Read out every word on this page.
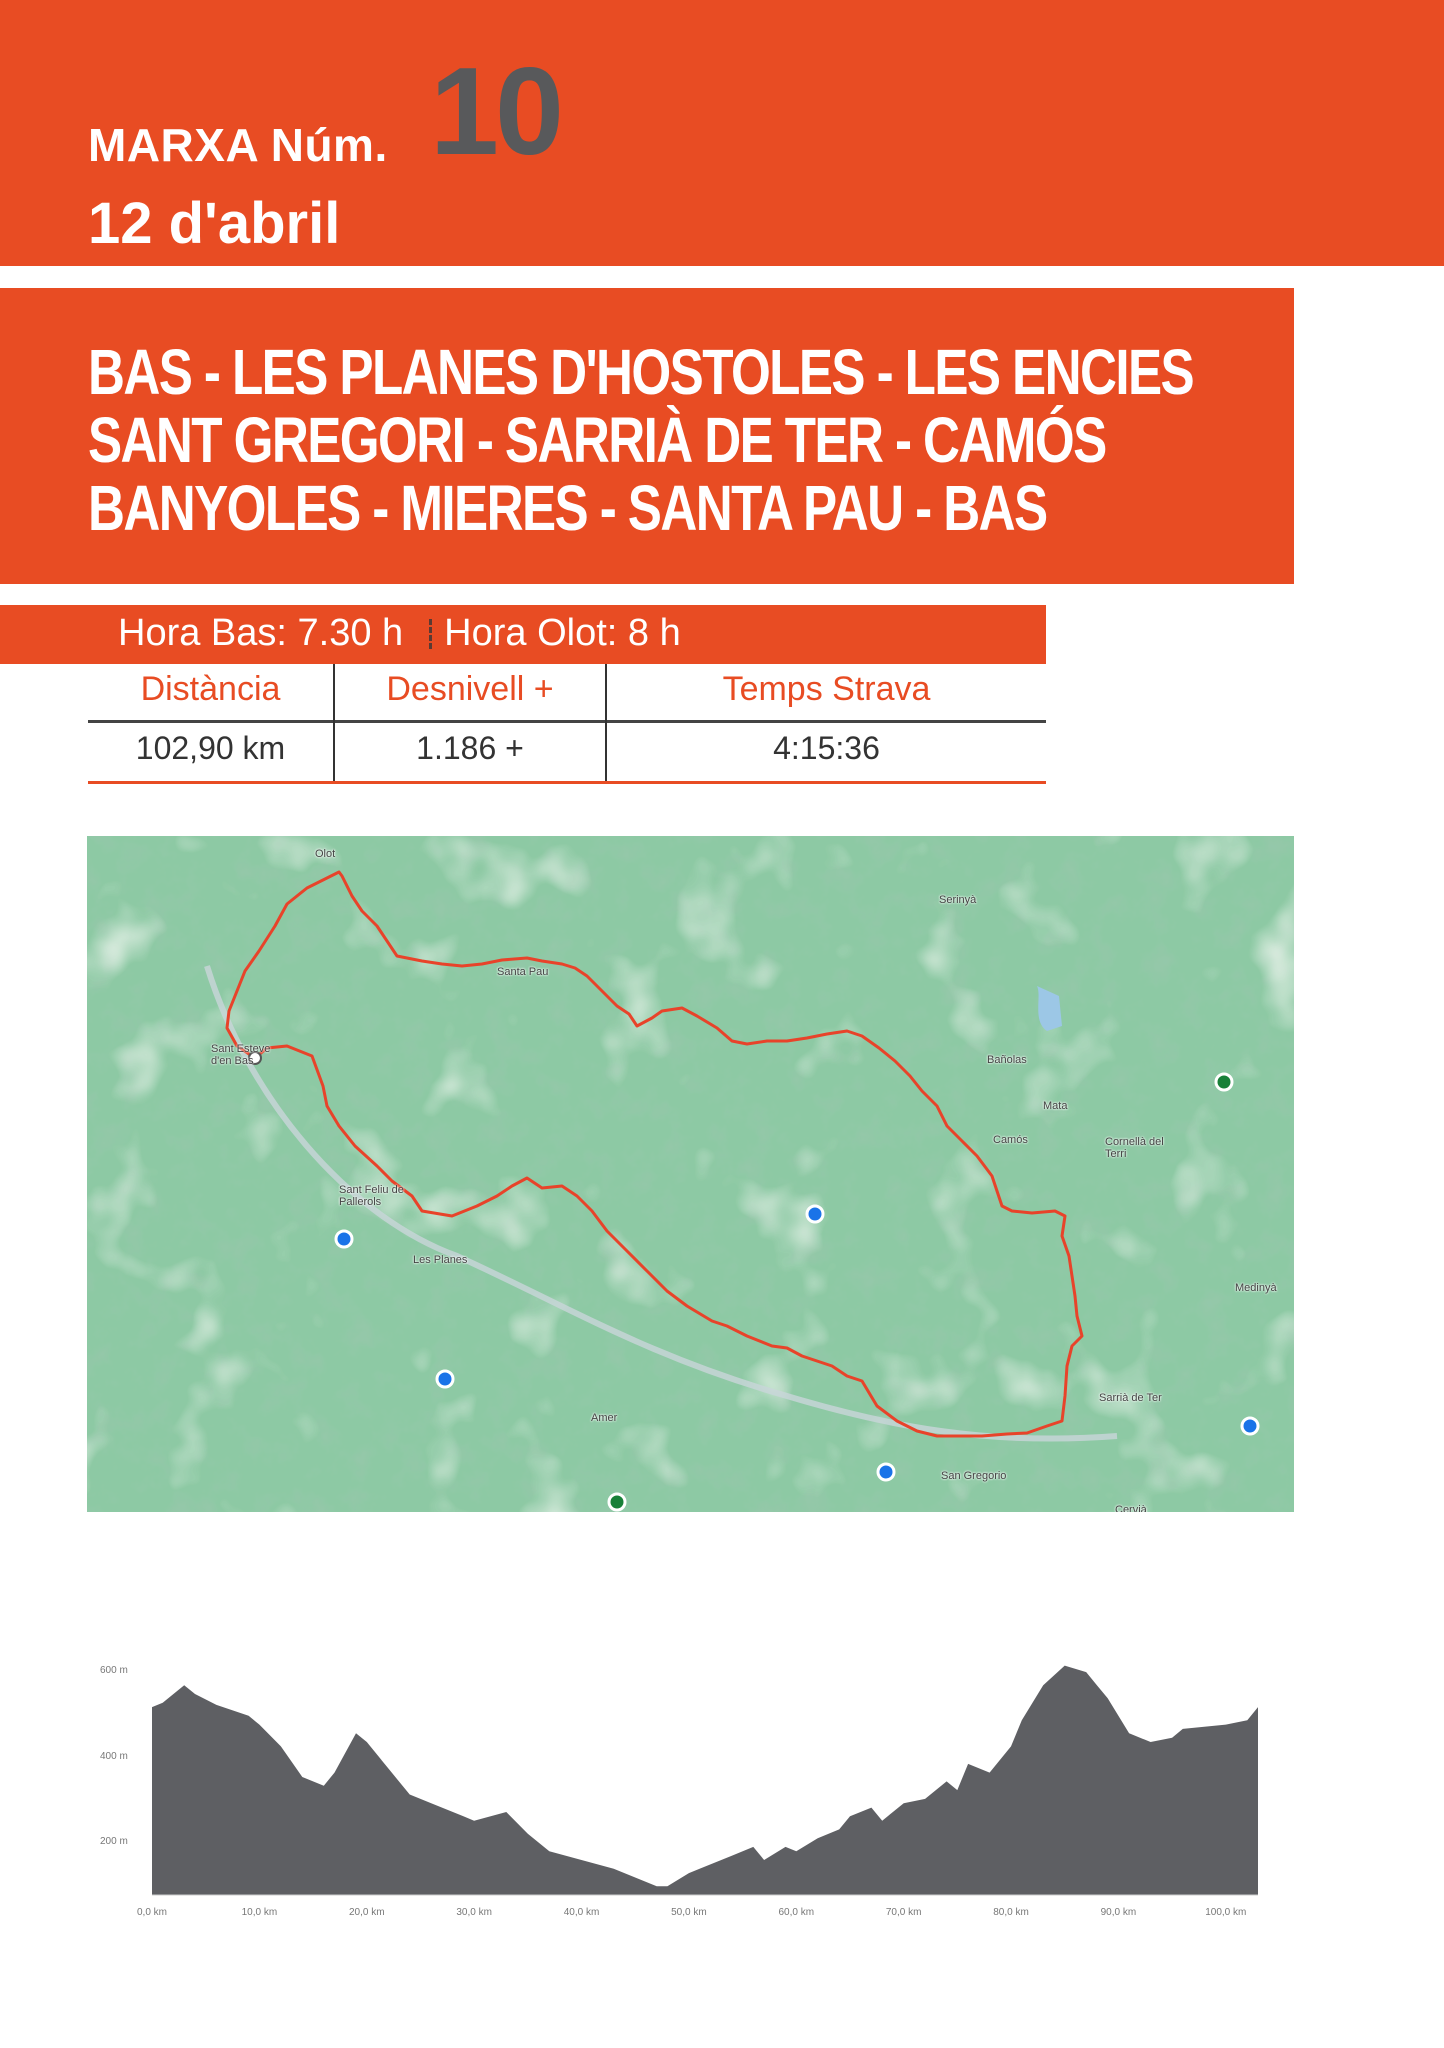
MARXA Núm. 10
12 d'abril
BAS - LES PLANES D'HOSTOLES - LES ENCIES
SANT GREGORI - SARRIÀ DE TER - CAMÓS
BANYOLES - MIERES - SANTA PAU - BAS
Hora Bas: 7.30 h Hora Olot: 8 h
Distància	Desnivell +	Temps Strava
102,90 km	1.186 +	4:15:36
Olot
Sant Esteve d'en Bas
Santa Pau
Sant Feliu de Pallerols
Les Planes
Amer
Bañolas
Mata
Camós	Cornellà del Terri
Serinyà
Medinyà
Sarrià de Ter
San Gregorio
Cervià
600 m
400 m
200 m
0,0 km	10,0 km	20,0 km	30,0 km	40,0 km	50,0 km	60,0 km	70,0 km	80,0 km	90,0 km	100,0 km
